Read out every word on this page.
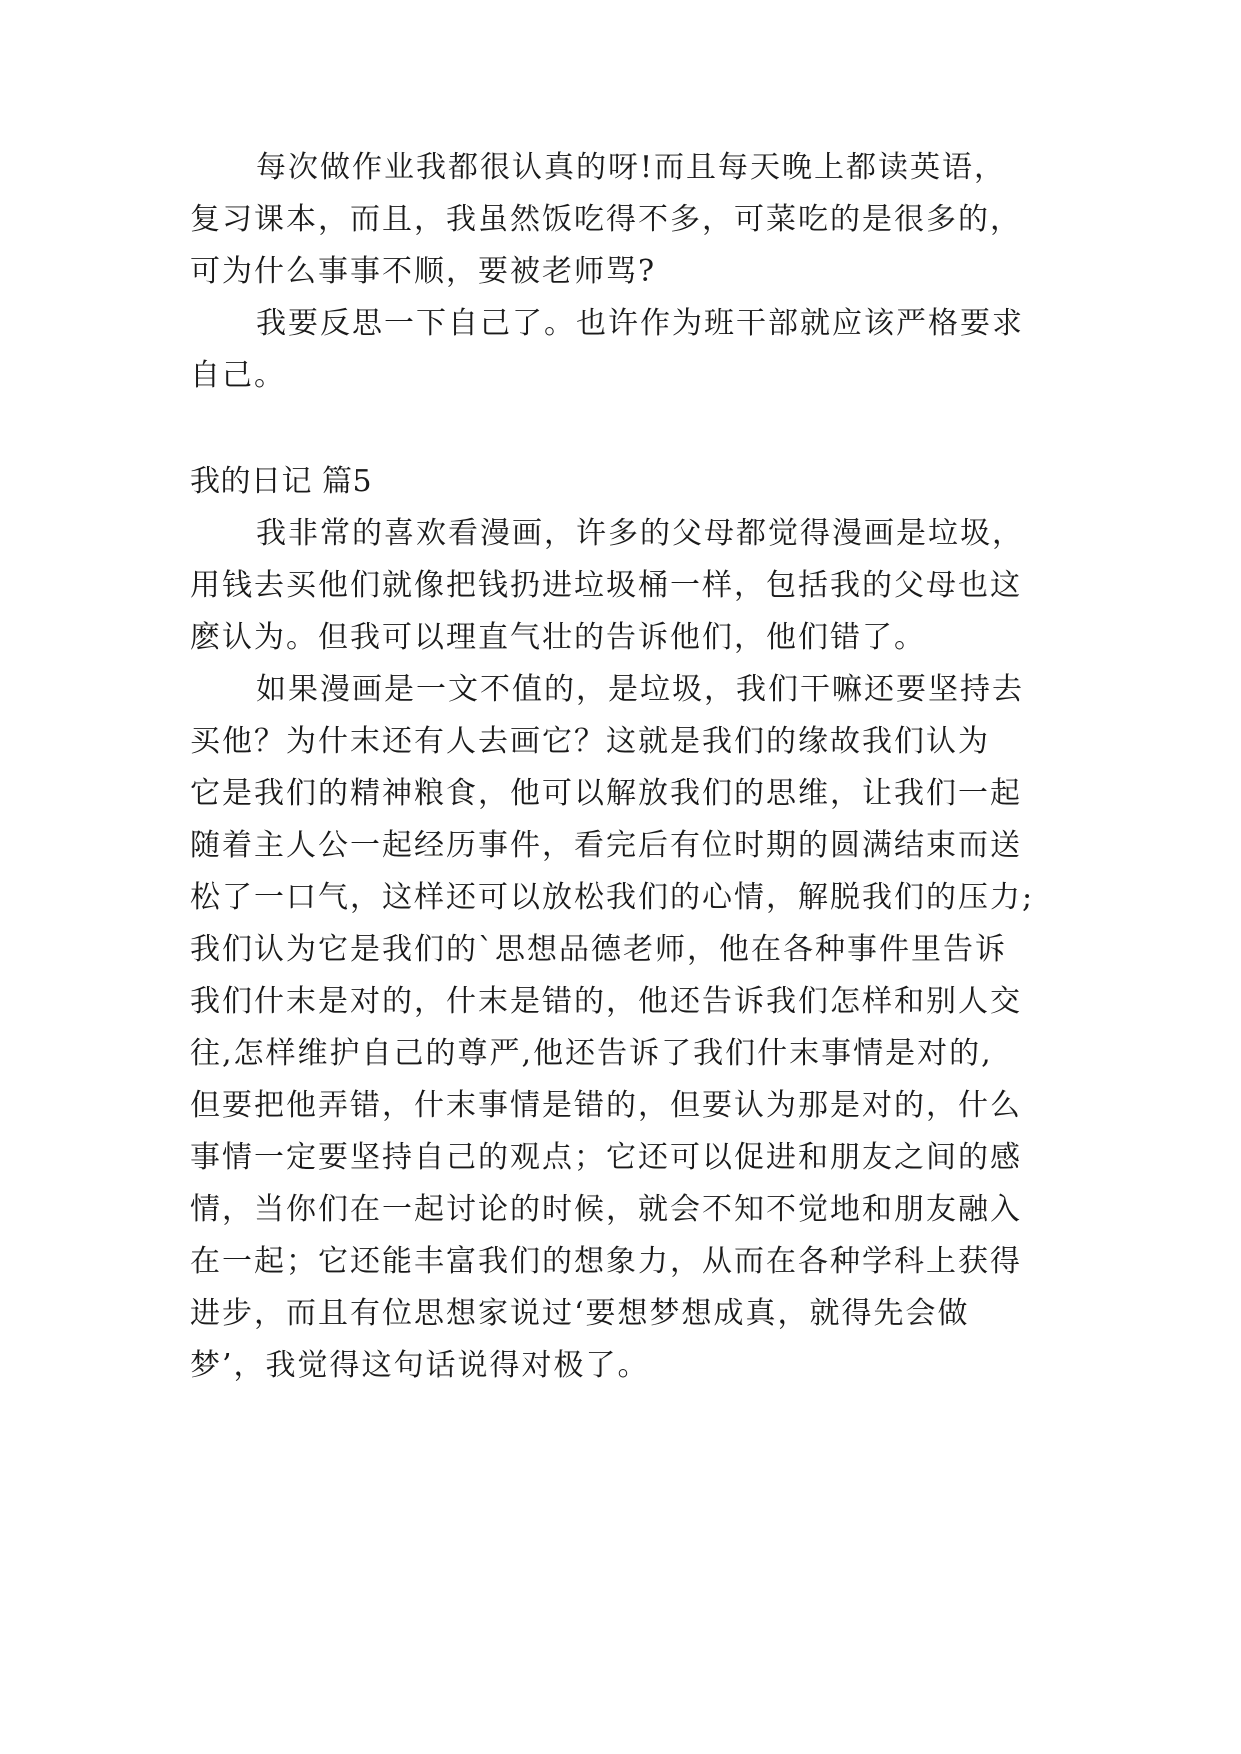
每次做作业我都很认真的呀!而且每天晚上都读英语，
复习课本，而且，我虽然饭吃得不多，可菜吃的是很多的，
可为什么事事不顺，要被老师骂?
我要反思一下自己了。也许作为班干部就应该严格要求
自己。
我的日记 篇5
我非常的喜欢看漫画，许多的父母都觉得漫画是垃圾，
用钱去买他们就像把钱扔进垃圾桶一样，包括我的父母也这
麽认为。但我可以理直气壮的告诉他们，他们错了。
如果漫画是一文不值的，是垃圾，我们干嘛还要坚持去
买他？为什末还有人去画它？这就是我们的缘故我们认为
它是我们的精神粮食，他可以解放我们的思维，让我们一起
随着主人公一起经历事件，看完后有位时期的圆满结束而送
松了一口气，这样还可以放松我们的心情，解脱我们的压力;
我们认为它是我们的`思想品德老师，他在各种事件里告诉
我们什末是对的，什末是错的，他还告诉我们怎样和别人交
往,怎样维护自己的尊严,他还告诉了我们什末事情是对的,
但要把他弄错，什末事情是错的，但要认为那是对的，什么
事情一定要坚持自己的观点；它还可以促进和朋友之间的感
情，当你们在一起讨论的时候，就会不知不觉地和朋友融入
在一起；它还能丰富我们的想象力，从而在各种学科上获得
进步，而且有位思想家说过‘要想梦想成真，就得先会做
梦’，我觉得这句话说得对极了。
